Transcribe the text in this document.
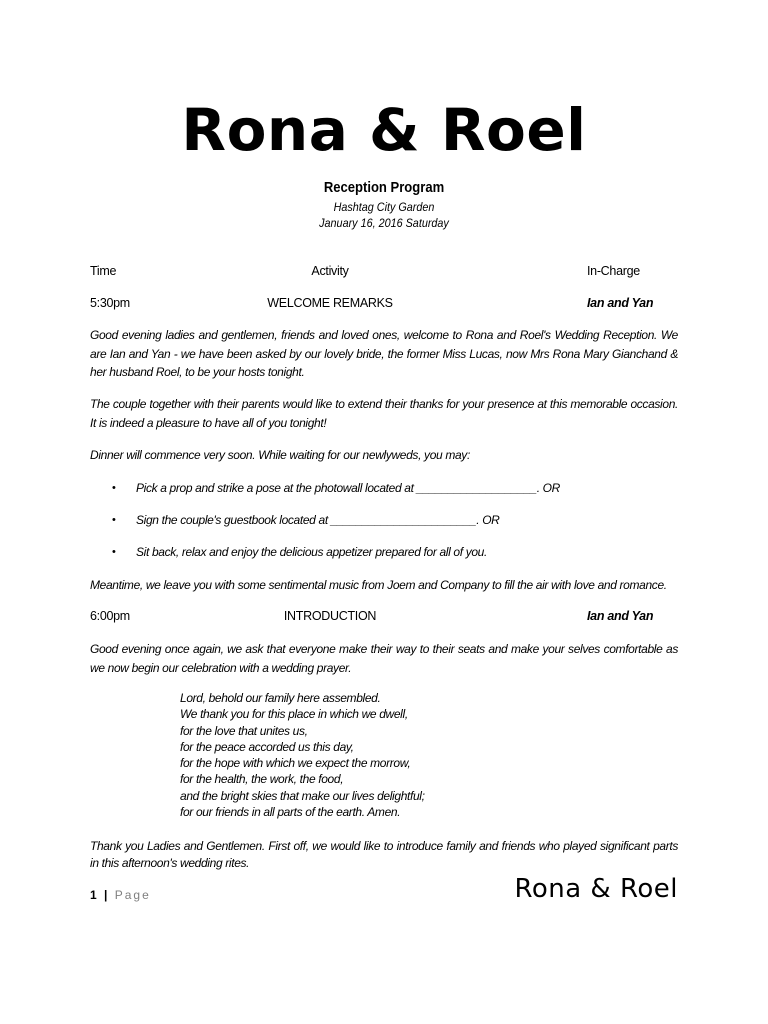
Rona & Roel
Reception Program
Hashtag City Garden
January 16, 2016 Saturday
Time	Activity	In-Charge
5:30pm	WELCOME REMARKS	Ian and Yan

Good evening ladies and gentlemen, friends and loved ones, welcome to Rona and Roel's Wedding Reception. We are Ian and Yan - we have been asked by our lovely bride, the former Miss Lucas, now Mrs Rona Mary Gianchand & her husband Roel, to be your hosts tonight.

The couple together with their parents would like to extend their thanks for your presence at this memorable occasion. It is indeed a pleasure to have all of you tonight!

Dinner will commence very soon. While waiting for our newlyweds, you may:

• Pick a prop and strike a pose at the photowall located at ___________________. OR
• Sign the couple's guestbook located at _______________________. OR
• Sit back, relax and enjoy the delicious appetizer prepared for all of you.

Meantime, we leave you with some sentimental music from Joem and Company to fill the air with love and romance.

6:00pm	INTRODUCTION	Ian and Yan

Good evening once again, we ask that everyone make their way to their seats and make your selves comfortable as we now begin our celebration with a wedding prayer.

Lord, behold our family here assembled.
We thank you for this place in which we dwell,
for the love that unites us,
for the peace accorded us this day,
for the hope with which we expect the morrow,
for the health, the work, the food,
and the bright skies that make our lives delightful;
for our friends in all parts of the earth. Amen.

Thank you Ladies and Gentlemen. First off, we would like to introduce family and friends who played significant parts in this afternoon's wedding rites.

1 | Page	Rona & Roel
